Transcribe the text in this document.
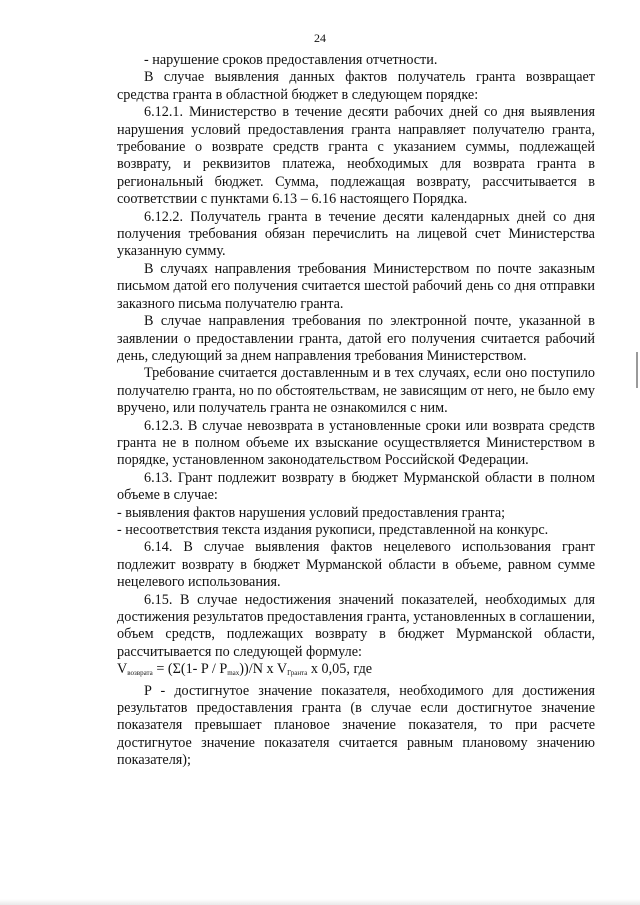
24

- нарушение сроков предоставления отчетности.

В случае выявления данных фактов получатель гранта возвращает средства гранта в областной бюджет в следующем порядке:

6.12.1. Министерство в течение десяти рабочих дней со дня выявления нарушения условий предоставления гранта направляет получателю гранта, требование о возврате средств гранта с указанием суммы, подлежащей возврату, и реквизитов платежа, необходимых для возврата гранта в региональный бюджет. Сумма, подлежащая возврату, рассчитывается в соответствии с пунктами 6.13 – 6.16 настоящего Порядка.

6.12.2. Получатель гранта в течение десяти календарных дней со дня получения требования обязан перечислить на лицевой счет Министерства указанную сумму.

В случаях направления требования Министерством по почте заказным письмом датой его получения считается шестой рабочий день со дня отправки заказного письма получателю гранта.

В случае направления требования по электронной почте, указанной в заявлении о предоставлении гранта, датой его получения считается рабочий день, следующий за днем направления требования Министерством.

Требование считается доставленным и в тех случаях, если оно поступило получателю гранта, но по обстоятельствам, не зависящим от него, не было ему вручено, или получатель гранта не ознакомился с ним.

6.12.3. В случае невозврата в установленные сроки или возврата средств гранта не в полном объеме их взыскание осуществляется Министерством в порядке, установленном законодательством Российской Федерации.

6.13. Грант подлежит возврату в бюджет Мурманской области в полном объеме в случае:

- выявления фактов нарушения условий предоставления гранта;

- несоответствия текста издания рукописи, представленной на конкурс.

6.14. В случае выявления фактов нецелевого использования грант подлежит возврату в бюджет Мурманской области в объеме, равном сумме нецелевого использования.

6.15. В случае недостижения значений показателей, необходимых для достижения результатов предоставления гранта, установленных в соглашении, объем средств, подлежащих возврату в бюджет Мурманской области, рассчитывается по следующей формуле:

$V_{возврата} = (\Sigma(1-$ P / $P_{max}))/N$ x $V_{Гранта}$ x 0,05, где

P - достигнутое значение показателя, необходимого для достижения результатов предоставления гранта (в случае если достигнутое значение показателя превышает плановое значение показателя, то при расчете достигнутое значение показателя считается равным плановому значению показателя);
